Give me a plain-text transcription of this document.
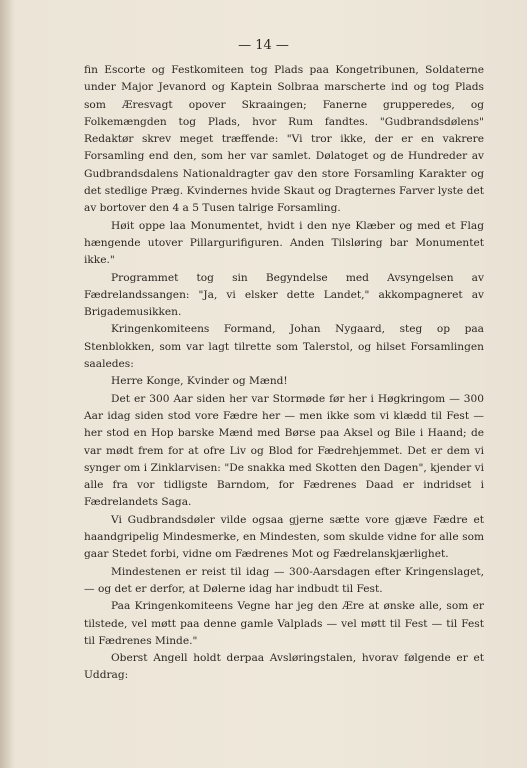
— 14 —

fin Escorte og Festkomiteen tog Plads paa Kongetribunen, Soldaterne under Major Jevanord og Kaptein Solbraa marscherte ind og tog Plads som Æresvagt opover Skraaingen; Fanerne grupperedes, og Folkemængden tog Plads, hvor Rum fandtes. "Gudbrandsdølens" Redaktør skrev meget træffende: "Vi tror ikke, der er en vakrere Forsamling end den, som her var samlet. Dølatoget og de Hundreder av Gudbrandsdalens Nationaldragter gav den store Forsamling Karakter og det stedlige Præg. Kvindernes hvide Skaut og Dragternes Farver lyste det av bortover den 4 a 5 Tusen talrige Forsamling.

Høit oppe laa Monumentet, hvidt i den nye Klæber og med et Flag hængende utover Pillargurifiguren. Anden Tilsløring bar Monumentet ikke."

Programmet tog sin Begyndelse med Avsyngelsen av Fædrelandssangen: "Ja, vi elsker dette Landet," akkompagneret av Brigademusikken.

Kringenkomiteens Formand, Johan Nygaard, steg op paa Stenblokken, som var lagt tilrette som Talerstol, og hilset Forsamlingen saaledes:

Herre Konge, Kvinder og Mænd!

Det er 300 Aar siden her var Stormøde før her i Høgkringom — 300 Aar idag siden stod vore Fædre her — men ikke som vi klædd til Fest — her stod en Hop barske Mænd med Børse paa Aksel og Bile i Haand; de var mødt frem for at ofre Liv og Blod for Fædrehjemmet. Det er dem vi synger om i Zinklarvisen: "De snakka med Skotten den Dagen", kjender vi alle fra vor tidligste Barndom, for Fædrenes Daad er indridset i Fædrelandets Saga.

Vi Gudbrandsdøler vilde ogsaa gjerne sætte vore gjæve Fædre et haandgripelig Mindesmerke, en Mindesten, som skulde vidne for alle som gaar Stedet forbi, vidne om Fædrenes Mot og Fædrelanskjærlighet.

Mindestenen er reist til idag — 300-Aarsdagen efter Kringenslaget, — og det er derfor, at Dølerne idag har indbudt til Fest.

Paa Kringenkomiteens Vegne har jeg den Ære at ønske alle, som er tilstede, vel møtt paa denne gamle Valplads — vel møtt til Fest — til Fest til Fædrenes Minde."

Oberst Angell holdt derpaa Avsløringstalen, hvorav følgende er et Uddrag:
